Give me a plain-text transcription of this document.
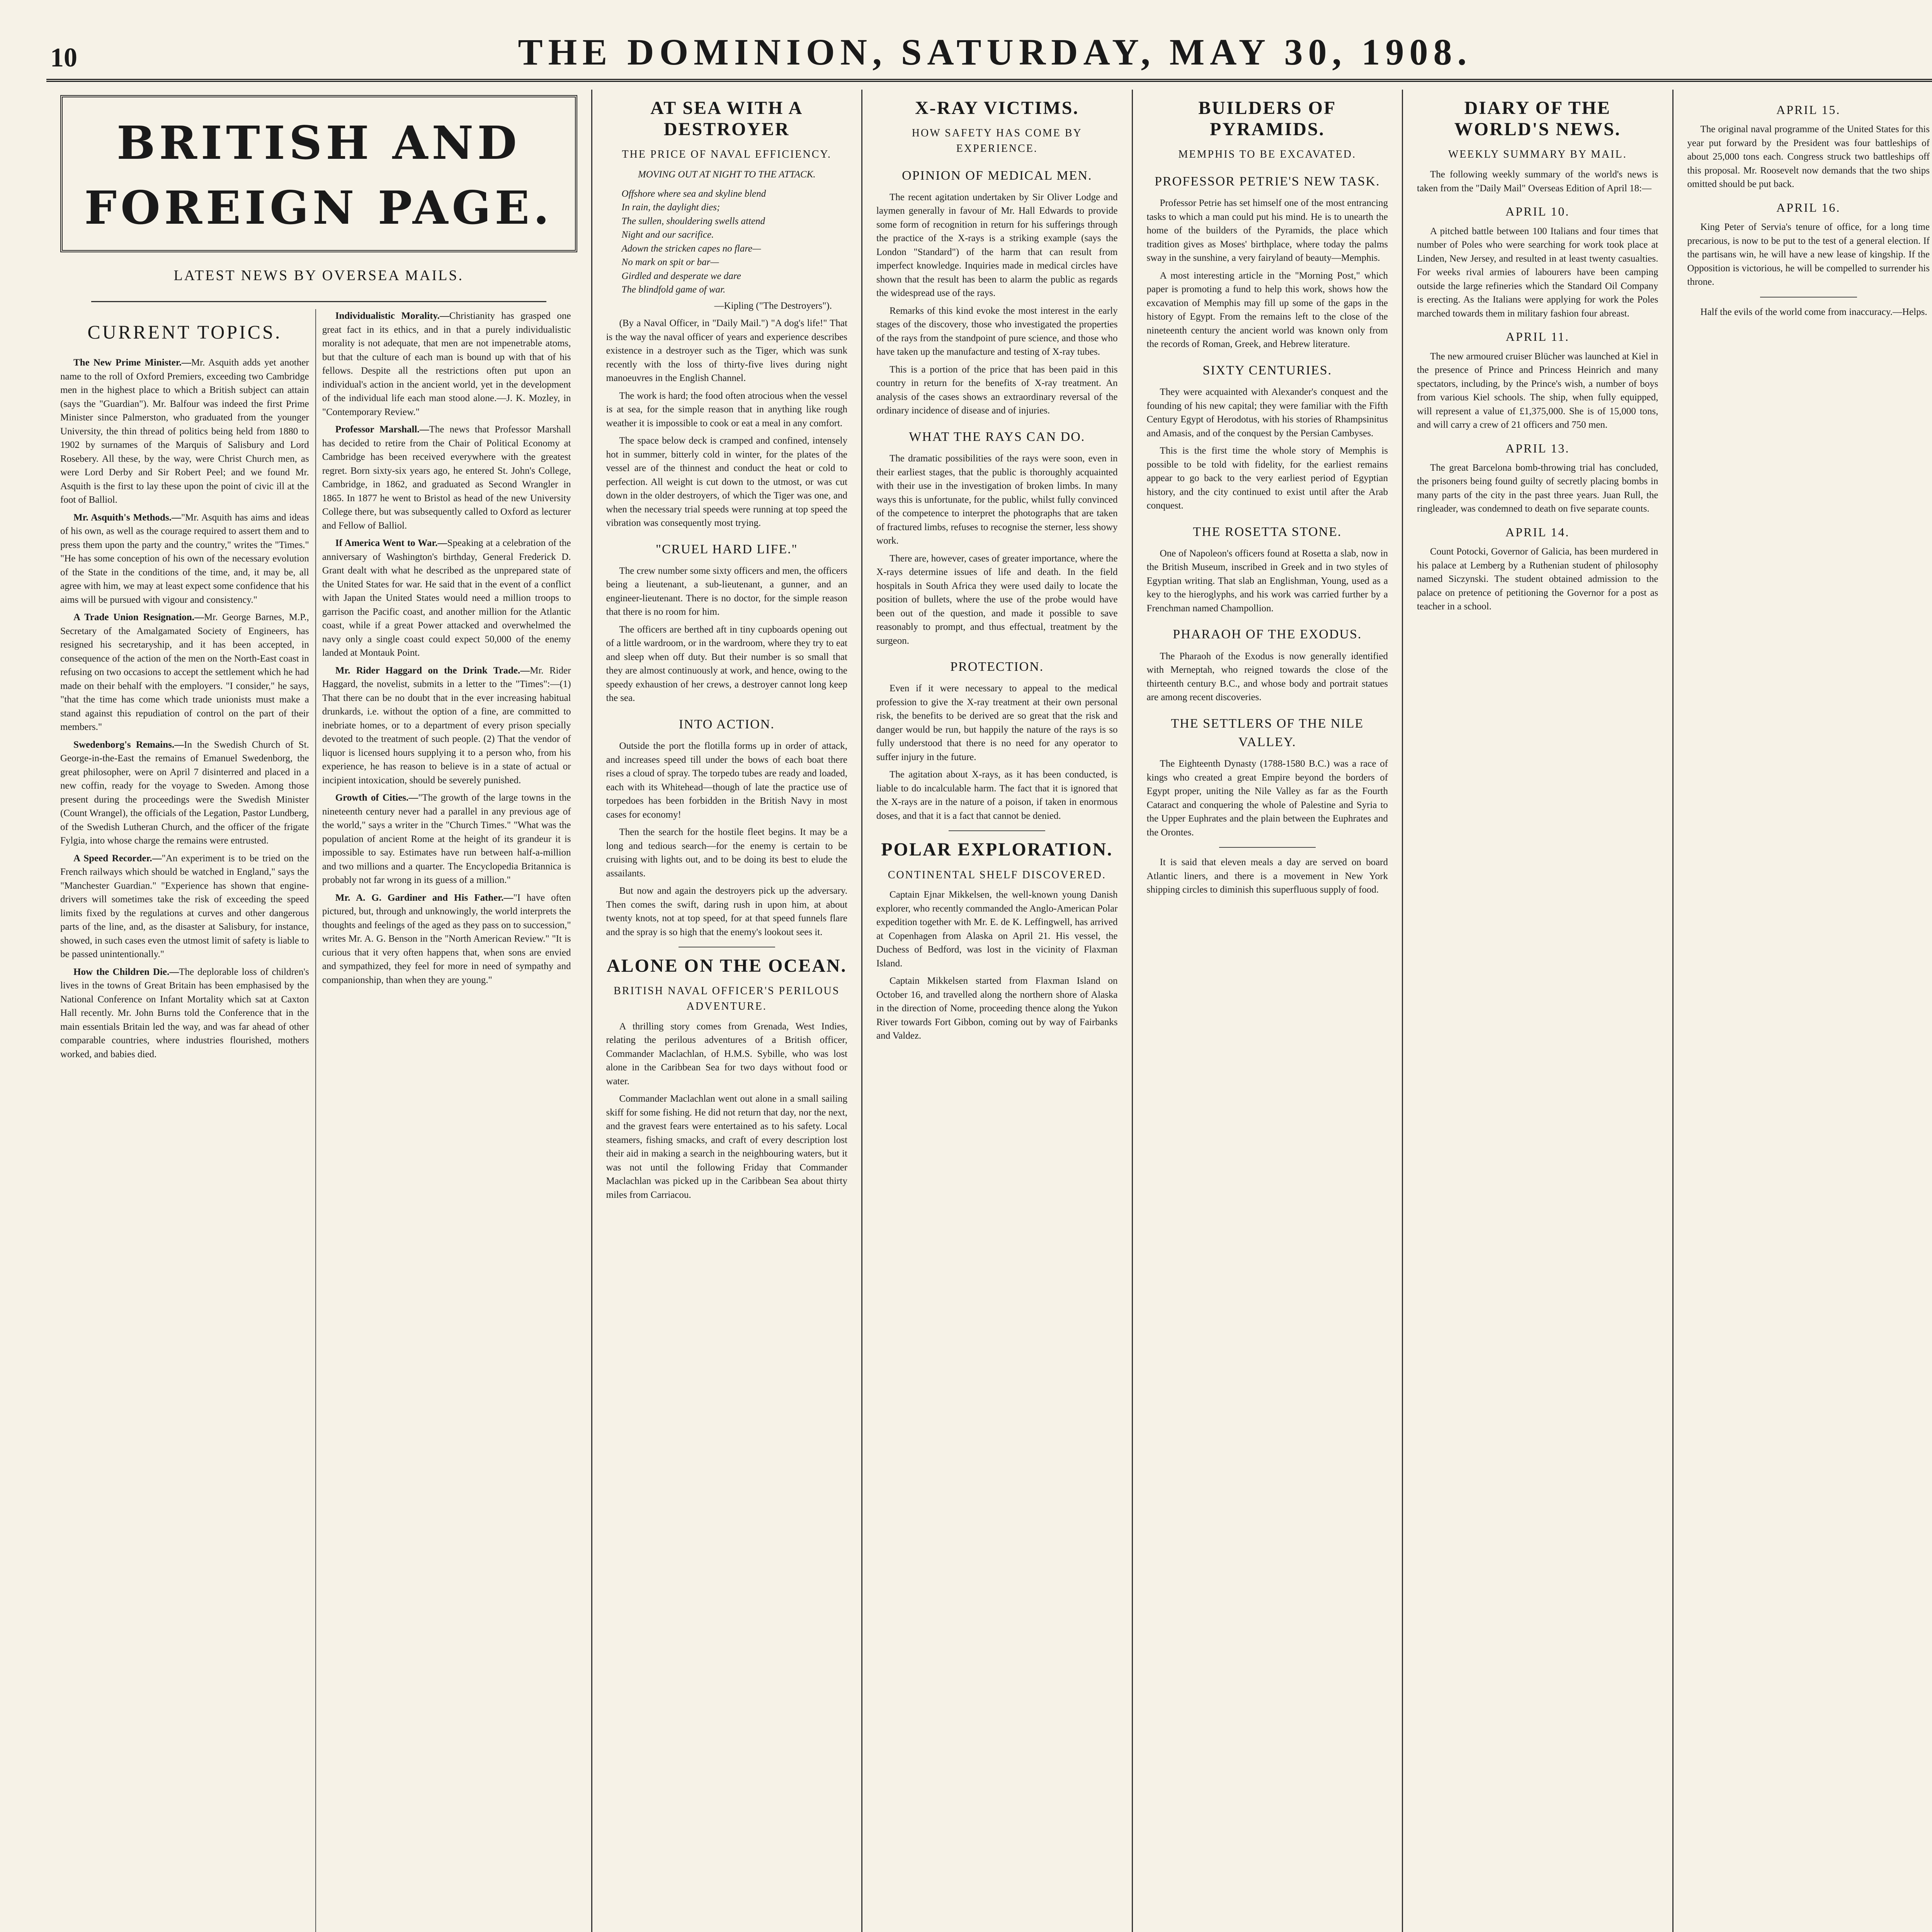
10	THE DOMINION, SATURDAY, MAY 30, 1908.
BRITISH AND FOREIGN PAGE.
LATEST NEWS BY OVERSEA MAILS.
CURRENT TOPICS.

The New Prime Minister.—Mr. Asquith adds yet another name to the roll of Oxford Premiers, exceeding two Cambridge men in the highest place to which a British subject can attain (says the "Guardian"). Mr. Balfour was indeed the first Prime Minister since Palmerston, who graduated from the younger University, the thin thread of politics being held from 1880 to 1902 by surnames of the Marquis of Salisbury and Lord Rosebery. All these, by the way, were Christ Church men, as were Lord Derby and Sir Robert Peel; and we found Mr. Asquith is the first to lay these upon the point of civic ill at the foot of Balliol.

Mr. Asquith's Methods.—"Mr. Asquith has aims and ideas of his own, as well as the courage required to assert them and to press them upon the party and the country," writes the "Times." "He has some conception of his own of the necessary evolution of the State in the conditions of the time, and, it may be, all agree with him, we may at least expect some confidence that his aims will be pursued with vigour and consistency."

A Trade Union Resignation.—Mr. George Barnes, M.P., Secretary of the Amalgamated Society of Engineers, has resigned his secretaryship, and it has been accepted, in consequence of the action of the men on the North-East coast in refusing on two occasions to accept the settlement which he had made on their behalf with the employers. "I consider," he says, "that the time has come which trade unionists must make a stand against this repudiation of control on the part of their members."

Swedenborg's Remains.—In the Swedish Church of St. George-in-the-East the remains of Emanuel Swedenborg, the great philosopher, were on April 7 disinterred and placed in a new coffin, ready for the voyage to Sweden. Among those present during the proceedings were the Swedish Minister (Count Wrangel), the officials of the Legation, Pastor Lundberg, of the Swedish Lutheran Church, and the officer of the frigate Fylgia, into whose charge the remains were entrusted.

A Speed Recorder.—"An experiment is to be tried on the French railways which should be watched in England," says the "Manchester Guardian." "Experience has shown that engine-drivers will sometimes take the risk of exceeding the speed limits fixed by the regulations at curves and other dangerous parts of the line, and, as the disaster at Salisbury, for instance, showed, in such cases even the utmost limit of safety is liable to be passed unintentionally."

How the Children Die.—The deplorable loss of children's lives in the towns of Great Britain has been emphasised by the National Conference on Infant Mortality which sat at Caxton Hall recently. Mr. John Burns told the Conference that in the main essentials Britain led the way, and was far ahead of other comparable countries, where industries flourished, mothers worked, and babies died.

Individualistic Morality.—Christianity has grasped one great fact in its ethics, and in that a purely individualistic morality is not adequate, that men are not impenetrable atoms, but that the culture of each man is bound up with that of his fellows. Despite all the restrictions often put upon an individual's action in the ancient world, yet in the development of the individual life each man stood alone.—J. K. Mozley, in "Contemporary Review."

Professor Marshall.—The news that Professor Marshall has decided to retire from the Chair of Political Economy at Cambridge has been received everywhere with the greatest regret. Born sixty-six years ago, he entered St. John's College, Cambridge, in 1862, and graduated as Second Wrangler in 1865. In 1877 he went to Bristol as head of the new University College there, but was subsequently called to Oxford as lecturer and Fellow of Balliol.

If America Went to War.—Speaking at a celebration of the anniversary of Washington's birthday, General Frederick D. Grant dealt with what he described as the unprepared state of the United States for war. He said that in the event of a conflict with Japan the United States would need a million troops to garrison the Pacific coast, and another million for the Atlantic coast, while if a great Power attacked and overwhelmed the navy only a single coast could expect 50,000 of the enemy landed at Montauk Point.

Mr. Rider Haggard on the Drink Trade.—Mr. Rider Haggard, the novelist, submits in a letter to the "Times":—(1) That there can be no doubt that in the ever increasing habitual drunkards, i.e. without the option of a fine, are committed to inebriate homes, or to a department of every prison specially devoted to the treatment of such people. (2) That the vendor of liquor is licensed hours supplying it to a person who, from his experience, he has reason to believe is in a state of actual or incipient intoxication, should be severely punished.

Growth of Cities.—"The growth of the large towns in the nineteenth century never had a parallel in any previous age of the world," says a writer in the "Church Times." "What was the population of ancient Rome at the height of its grandeur it is impossible to say. Estimates have run between half-a-million and two millions and a quarter. The Encyclopedia Britannica is probably not far wrong in its guess of a million."

Mr. A. G. Gardiner and His Father.—"I have often pictured, but, through and unknowingly, the world interprets the thoughts and feelings of the aged as they pass on to succession," writes Mr. A. G. Benson in the "North American Review." "It is curious that it very often happens that, when sons are envied and sympathized, they feel for more in need of sympathy and companionship, than when they are young."

AT SEA WITH A DESTROYER
THE PRICE OF NAVAL EFFICIENCY.
MOVING OUT AT NIGHT TO THE ATTACK.
Offshore where sea and skyline blend
In rain, the daylight dies;
The sullen, shouldering swells attend
Night and our sacrifice.
Adown the stricken capes no flare—
No mark on spit or bar—
Girdled and desperate we dare
The blindfold game of war.
—Kipling ("The Destroyers").

(By a Naval Officer, in "Daily Mail.") "A dog's life!" That is the way the naval officer of years and experience describes existence in a destroyer such as the Tiger, which was sunk recently with the loss of thirty-five lives during night manoeuvres in the English Channel.

The work is hard; the food often atrocious when the vessel is at sea, for the simple reason that in anything like rough weather it is impossible to cook or eat a meal in any comfort.

The space below deck is cramped and confined, intensely hot in summer, bitterly cold in winter, for the plates of the vessel are of the thinnest and conduct the heat or cold to perfection. All weight is cut down to the utmost, or was cut down in the older destroyers, of which the Tiger was one, and when the necessary trial speeds were running at top speed the vibration was consequently most trying.

"CRUEL HARD LIFE."

The crew number some sixty officers and men, the officers being a lieutenant, a sub-lieutenant, a gunner, and an engineer-lieutenant. There is no doctor, for the simple reason that there is no room for him.

The officers are berthed aft in tiny cupboards opening out of a little wardroom, or in the wardroom, where they try to eat and sleep when off duty. But their number is so small that they are almost continuously at work, and hence, owing to the speedy exhaustion of her crews, a destroyer cannot long keep the sea.

INTO ACTION.

Outside the port the flotilla forms up in order of attack, and increases speed till under the bows of each boat there rises a cloud of spray. The torpedo tubes are ready and loaded, each with its Whitehead—though of late the practice use of torpedoes has been forbidden in the British Navy in most cases for economy!

Then the search for the hostile fleet begins. It may be a long and tedious search—for the enemy is certain to be cruising with lights out, and to be doing its best to elude the assailants.

But now and again the destroyers pick up the adversary. Then comes the swift, daring rush in upon him, at about twenty knots, not at top speed, for at that speed funnels flare and the spray is so high that the enemy's lookout sees it.

ALONE ON THE OCEAN.
BRITISH NAVAL OFFICER'S PERILOUS ADVENTURE.

A thrilling story comes from Grenada, West Indies, relating the perilous adventures of a British officer, Commander Maclachlan, of H.M.S. Sybille, who was lost alone in the Caribbean Sea for two days without food or water.

Commander Maclachlan went out alone in a small sailing skiff for some fishing. He did not return that day, nor the next, and the gravest fears were entertained as to his safety. Local steamers, fishing smacks, and craft of every description lost their aid in making a search in the neighbouring waters, but it was not until the following Friday that Commander Maclachlan was picked up in the Caribbean Sea about thirty miles from Carriacou.

X-RAY VICTIMS.
HOW SAFETY HAS COME BY EXPERIENCE.
OPINION OF MEDICAL MEN.

The recent agitation undertaken by Sir Oliver Lodge and laymen generally in favour of Mr. Hall Edwards to provide some form of recognition in return for his sufferings through the practice of the X-rays is a striking example (says the London "Standard") of the harm that can result from imperfect knowledge. Inquiries made in medical circles have shown that the result has been to alarm the public as regards the widespread use of the rays.

Remarks of this kind evoke the most interest in the early stages of the discovery, those who investigated the properties of the rays from the standpoint of pure science, and those who have taken up the manufacture and testing of X-ray tubes.

This is a portion of the price that has been paid in this country in return for the benefits of X-ray treatment. An analysis of the cases shows an extraordinary reversal of the ordinary incidence of disease and of injuries.

WHAT THE RAYS CAN DO.

The dramatic possibilities of the rays were soon, even in their earliest stages, that the public is thoroughly acquainted with their use in the investigation of broken limbs. In many ways this is unfortunate, for the public, whilst fully convinced of the competence to interpret the photographs that are taken of fractured limbs, refuses to recognise the sterner, less showy work.

There are, however, cases of greater importance, where the X-rays determine issues of life and death. In the field hospitals in South Africa they were used daily to locate the position of bullets, where the use of the probe would have been out of the question, and made it possible to save reasonably to prompt, and thus effectual, treatment by the surgeon.

PROTECTION.

Even if it were necessary to appeal to the medical profession to give the X-ray treatment at their own personal risk, the benefits to be derived are so great that the risk and danger would be run, but happily the nature of the rays is so fully understood that there is no need for any operator to suffer injury in the future.

The agitation about X-rays, as it has been conducted, is liable to do incalculable harm. The fact that it is ignored that the X-rays are in the nature of a poison, if taken in enormous doses, and that it is a fact that cannot be denied.

POLAR EXPLORATION.
CONTINENTAL SHELF DISCOVERED.

Captain Ejnar Mikkelsen, the well-known young Danish explorer, who recently commanded the Anglo-American Polar expedition together with Mr. E. de K. Leffingwell, has arrived at Copenhagen from Alaska on April 21. His vessel, the Duchess of Bedford, was lost in the vicinity of Flaxman Island.

Captain Mikkelsen started from Flaxman Island on October 16, and travelled along the northern shore of Alaska in the direction of Nome, proceeding thence along the Yukon River towards Fort Gibbon, coming out by way of Fairbanks and Valdez.

BUILDERS OF PYRAMIDS.
MEMPHIS TO BE EXCAVATED.
PROFESSOR PETRIE'S NEW TASK.

Professor Petrie has set himself one of the most entrancing tasks to which a man could put his mind. He is to unearth the home of the builders of the Pyramids, the place which tradition gives as Moses' birthplace, where today the palms sway in the sunshine, a very fairyland of beauty—Memphis.

A most interesting article in the "Morning Post," which paper is promoting a fund to help this work, shows how the excavation of Memphis may fill up some of the gaps in the history of Egypt. From the remains left to the close of the nineteenth century the ancient world was known only from the records of Roman, Greek, and Hebrew literature.

SIXTY CENTURIES.

They were acquainted with Alexander's conquest and the founding of his new capital; they were familiar with the Fifth Century Egypt of Herodotus, with his stories of Rhampsinitus and Amasis, and of the conquest by the Persian Cambyses.

This is the first time the whole story of Memphis is possible to be told with fidelity, for the earliest remains appear to go back to the very earliest period of Egyptian history, and the city continued to exist until after the Arab conquest.

THE ROSETTA STONE.

One of Napoleon's officers found at Rosetta a slab, now in the British Museum, inscribed in Greek and in two styles of Egyptian writing. That slab an Englishman, Young, used as a key to the hieroglyphs, and his work was carried further by a Frenchman named Champollion.

PHARAOH OF THE EXODUS.

The Pharaoh of the Exodus is now generally identified with Merneptah, who reigned towards the close of the thirteenth century B.C., and whose body and portrait statues are among recent discoveries.

THE SETTLERS OF THE NILE VALLEY.

The Eighteenth Dynasty (1788-1580 B.C.) was a race of kings who created a great Empire beyond the borders of Egypt proper, uniting the Nile Valley as far as the Fourth Cataract and conquering the whole of Palestine and Syria to the Upper Euphrates and the plain between the Euphrates and the Orontes.

It is said that eleven meals a day are served on board Atlantic liners, and there is a movement in New York shipping circles to diminish this superfluous supply of food.

DIARY OF THE WORLD'S NEWS.
WEEKLY SUMMARY BY MAIL.

The following weekly summary of the world's news is taken from the "Daily Mail" Overseas Edition of April 18:—

APRIL 10.

A pitched battle between 100 Italians and four times that number of Poles who were searching for work took place at Linden, New Jersey, and resulted in at least twenty casualties. For weeks rival armies of labourers have been camping outside the large refineries which the Standard Oil Company is erecting. As the Italians were applying for work the Poles marched towards them in military fashion four abreast.

APRIL 11.

The new armoured cruiser Blücher was launched at Kiel in the presence of Prince and Princess Heinrich and many spectators, including, by the Prince's wish, a number of boys from various Kiel schools. The ship, when fully equipped, will represent a value of £1,375,000. She is of 15,000 tons, and will carry a crew of 21 officers and 750 men.

APRIL 13.

The great Barcelona bomb-throwing trial has concluded, the prisoners being found guilty of secretly placing bombs in many parts of the city in the past three years. Juan Rull, the ringleader, was condemned to death on five separate counts.

APRIL 14.

Count Potocki, Governor of Galicia, has been murdered in his palace at Lemberg by a Ruthenian student of philosophy named Siczynski. The student obtained admission to the palace on pretence of petitioning the Governor for a post as teacher in a school.

APRIL 15.

The original naval programme of the United States for this year put forward by the President was four battleships of about 25,000 tons each. Congress struck two battleships off this proposal. Mr. Roosevelt now demands that the two ships omitted should be put back.

APRIL 16.

King Peter of Servia's tenure of office, for a long time precarious, is now to be put to the test of a general election. If the partisans win, he will have a new lease of kingship. If the Opposition is victorious, he will be compelled to surrender his throne.

Half the evils of the world come from inaccuracy.—Helps.
